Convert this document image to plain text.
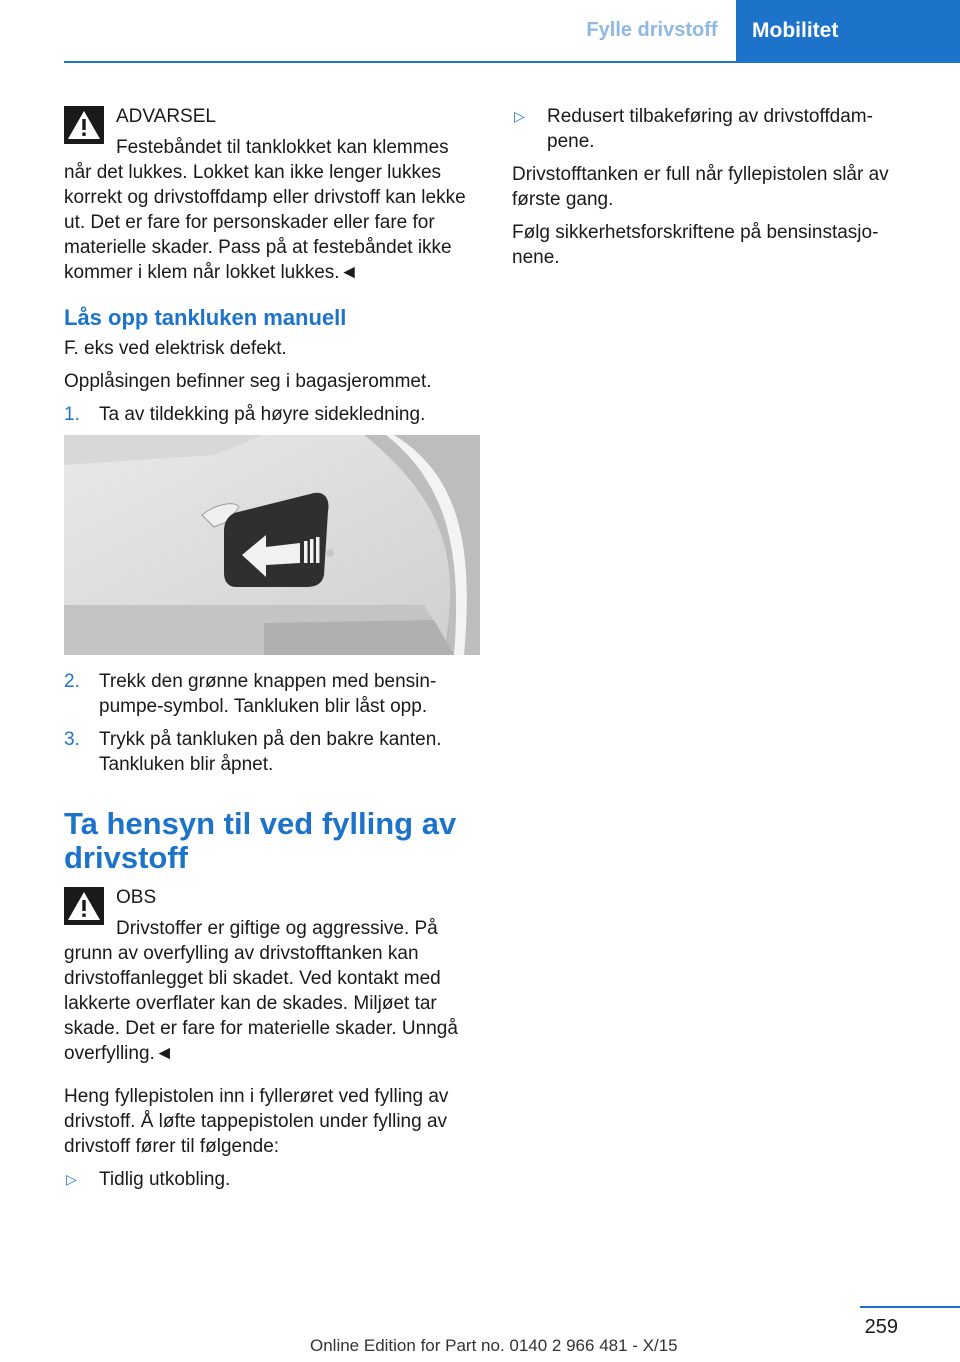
Fylle drivstoff	Mobilitet
ADVARSEL

Festebåndet til tanklokket kan klemmes når det lukkes. Lokket kan ikke lenger lukkes korrekt og drivstoffdamp eller drivstoff kan lekke ut. Det er fare for personskader eller fare for materielle skader. Pass på at festebåndet ikke kommer i klem når lokket lukkes.◄

Lås opp tankluken manuell

F. eks ved elektrisk defekt.

Opplåsingen befinner seg i bagasjerommet.

1. Ta av tildekking på høyre sidekledning.
2. Trekk den grønne knappen med bensinpumpe-symbol. Tankluken blir låst opp.
3. Trykk på tankluken på den bakre kanten. Tankluken blir åpnet.
Ta hensyn til ved fylling av drivstoff
OBS

Drivstoffer er giftige og aggressive. På grunn av overfylling av drivstofftanken kan drivstoffanlegget bli skadet. Ved kontakt med lakkerte overflater kan de skades. Miljøet tar skade. Det er fare for materielle skader. Unngå overfylling.◄

Heng fyllepistolen inn i fyllerøret ved fylling av drivstoff. Å løfte tappepistolen under fylling av drivstoff fører til følgende:

▷ Tidlig utkobling.
▷ Redusert tilbakeføring av drivstoffdampene.

Drivstofftanken er full når fyllepistolen slår av første gang.

Følg sikkerhetsforskriftene på bensinstasjonene.

259
Online Edition for Part no. 0140 2 966 481 - X/15
